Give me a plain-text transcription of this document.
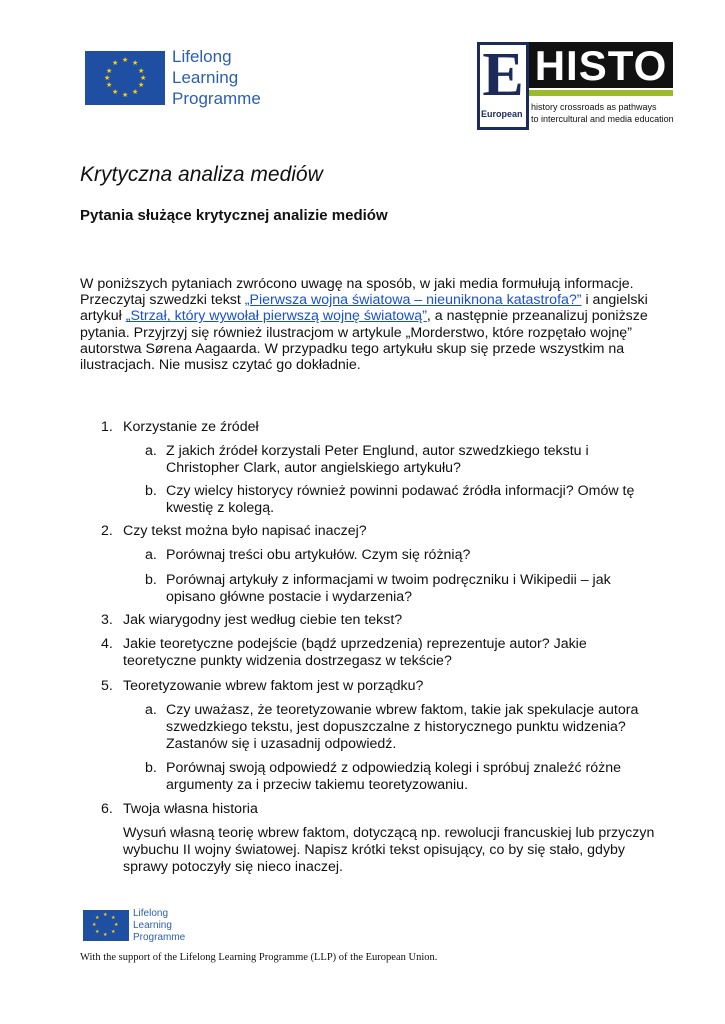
★ ★
★
★
★
★
★
★
★
★
★
★	Lifelong
Learning
Programme	E
European
HISTO
history crossroads as pathways
to intercultural and media education
Krytyczna analiza mediów
Pytania służące krytycznej analizie mediów
W poniższych pytaniach zwrócono uwagę na sposób, w jaki media formułują informacje. Przeczytaj szwedzki tekst „Pierwsza wojna światowa – nieuniknona katastrofa?” i angielski artykuł „Strzał, który wywołał pierwszą wojnę światową”, a następnie przeanalizuj poniższe pytania. Przyjrzyj się również ilustracjom w artykule „Morderstwo, które rozpętało wojnę” autorstwa Sørena Aagaarda. W przypadku tego artykułu skup się przede wszystkim na ilustracjach. Nie musisz czytać go dokładnie.
1. Korzystanie ze źródeł
a. Z jakich źródeł korzystali Peter Englund, autor szwedzkiego tekstu i
Christopher Clark, autor angielskiego artykułu?
b. Czy wielcy historycy również powinni podawać źródła informacji? Omów tę
kwestię z kolegą.
2. Czy tekst można było napisać inaczej?
a. Porównaj treści obu artykułów. Czym się różnią?
b. Porównaj artykuły z informacjami w twoim podręczniku i Wikipedii – jak
opisano główne postacie i wydarzenia?
3. Jak wiarygodny jest według ciebie ten tekst?
4. Jakie teoretyczne podejście (bądź uprzedzenia) reprezentuje autor? Jakie
teoretyczne punkty widzenia dostrzegasz w tekście?
5. Teoretyzowanie wbrew faktom jest w porządku?
a. Czy uważasz, że teoretyzowanie wbrew faktom, takie jak spekulacje autora
szwedzkiego tekstu, jest dopuszczalne z historycznego punktu widzenia?
Zastanów się i uzasadnij odpowiedź.
b. Porównaj swoją odpowiedź z odpowiedzią kolegi i spróbuj znaleźć różne
argumenty za i przeciw takiemu teoretyzowaniu.
6. Twoja własna historia
Wysuń własną teorię wbrew faktom, dotyczącą np. rewolucji francuskiej lub przyczyn
wybuchu II wojny światowej. Napisz krótki tekst opisujący, co by się stało, gdyby
sprawy potoczyły się nieco inaczej.
★ ★
★
★
★
★
★
★	Lifelong
Learning
Programme
With the support of the Lifelong Learning Programme (LLP) of the European Union.
